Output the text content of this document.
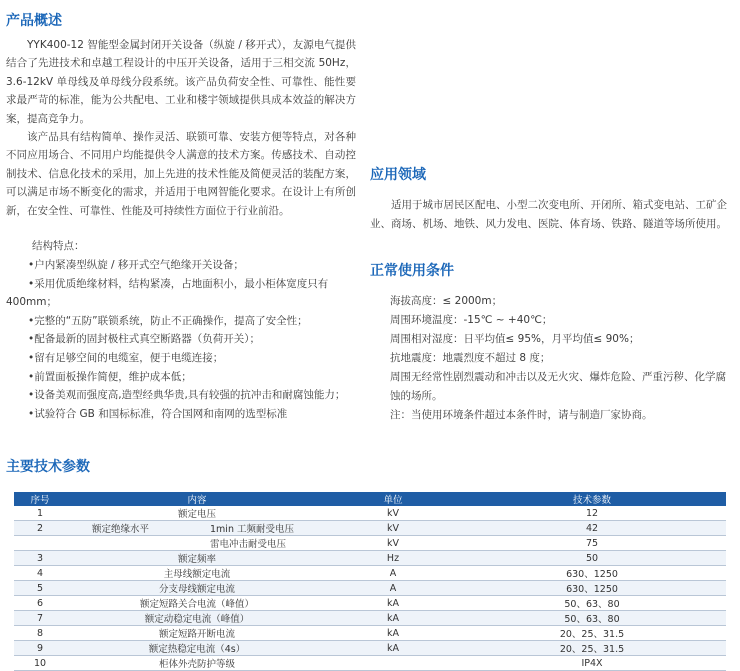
产品概述

YYK400-12 智能型金属封闭开关设备（纵旋 / 移开式），友源电气提供结合了先进技术和卓越工程设计的中压开关设备，适用于三相交流 50Hz，3.6-12kV 单母线及单母线分段系统。该产品负荷安全性、可靠性、能性要求最严苛的标准，能为公共配电、工业和楼宇领域提供具成本效益的解决方案，提高竞争力。

该产品具有结构简单、操作灵活、联锁可靠、安装方便等特点，对各种不同应用场合、不同用户均能提供令人满意的技术方案。传感技术、自动控制技术、信息化技术的采用，加上先进的技术性能及简便灵活的装配方案，可以满足市场不断变化的需求，并适用于电网智能化要求。在设计上有所创新，在安全性、可靠性、性能及可持续性方面位于行业前沿。

结构特点：
•户内紧凑型纵旋 / 移开式空气绝缘开关设备；
•采用优质绝缘材料，结构紧凑，占地面积小，最小柜体宽度只有
400mm；
•完整的“五防”联锁系统，防止不正确操作，提高了安全性；
•配备最新的固封极柱式真空断路器（负荷开关）；
•留有足够空间的电缆室，便于电缆连接；
•前置面板操作简便，维护成本低；
•设备美观而强度高,造型经典华贵,具有较强的抗冲击和耐腐蚀能力；
•试验符合 GB 和国标标准，符合国网和南网的选型标准
应用领域

适用于城市居民区配电、小型二次变电所、开闭所、箱式变电站、工矿企业、商场、机场、地铁、风力发电、医院、体育场、铁路、隧道等场所使用。

正常使用条件

海拔高度：≤ 2000m；

周围环境温度：-15℃ ~ +40℃；

周围相对湿度：日平均值≤ 95%，月平均值≤ 90%；

抗地震度：地震烈度不超过 8 度；

周围无经常性剧烈震动和冲击以及无火灾、爆炸危险、严重污秽、化学腐蚀的场所。

注：当使用环境条件超过本条件时，请与制造厂家协商。

主要技术参数
序号	内容	单位	技术参数
1	额定电压	kV	12
2	额定绝缘水平 1min 工频耐受电压	kV	42
	雷电冲击耐受电压	kV	75
3	额定频率	Hz	50
4	主母线额定电流	A	630、1250
5	分支母线额定电流	A	630、1250
6	额定短路关合电流（峰值）	kA	50、63、80
7	额定动稳定电流（峰值）	kA	50、63、80
8	额定短路开断电流	kA	20、25、31.5
9	额定热稳定电流（4s）	kA	20、25、31.5
10	柜体外壳防护等级		IP4X
